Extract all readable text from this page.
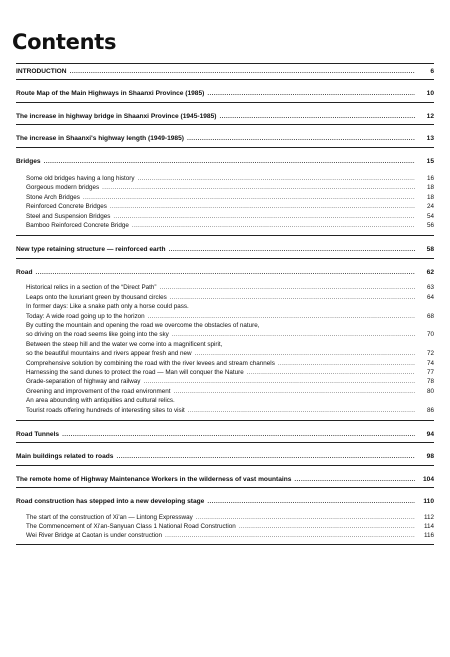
Contents
INTRODUCTION .....	6
Route Map of the Main Highways in Shaanxi Province (1985) .....	10
The increase in highway bridge in Shaanxi Province (1945-1985) .....	12
The increase in Shaanxi's highway length (1949-1985) .....	13
Bridges .....	15
Some old bridges having a long history .....	16
Gorgeous modern bridges .....	18
Stone Arch Bridges .....	18
Reinforced Concrete Bridges .....	24
Steel and Suspension Bridges .....	54
Bamboo Reinforced Concrete Bridge .....	56
New type retaining structure — reinforced earth .....	58
Road .....	62
Historical relics in a section of the “Direct Path” .....	63
Leaps onto the luxuriant green by thousand circles .....	64
In former days: Like a snake path only a horse could pass.
Today: A wide road going up to the horizon .....	68
By cutting the mountain and opening the road we overcome the obstacles of nature,
so driving on the road seems like going into the sky .....	70
Between the steep hill and the water we come into a magnificent spirit,
so the beautiful mountains and rivers appear fresh and new .....	72
Comprehensive solution by combining the road with the river levees and stream channels .....	74
Harnessing the sand dunes to protect the road — Man will conquer the Nature .....	77
Grade-separation of highway and railway .....	78
Greening and improvement of the road environment .....	80
An area abounding with antiquities and cultural relics.
Tourist roads offering hundreds of interesting sites to visit .....	86
Road Tunnels .....	94
Main buildings related to roads .....	98
The remote home of Highway Maintenance Workers in the wilderness of vast mountains .....	104
Road construction has stepped into a new developing stage .....	110
The start of the construction of Xi'an — Lintong Expressway .....	112
The Commencement of Xi'an-Sanyuan Class 1 National Road Construction .....	114
Wei River Bridge at Caotan is under construction .....	116
